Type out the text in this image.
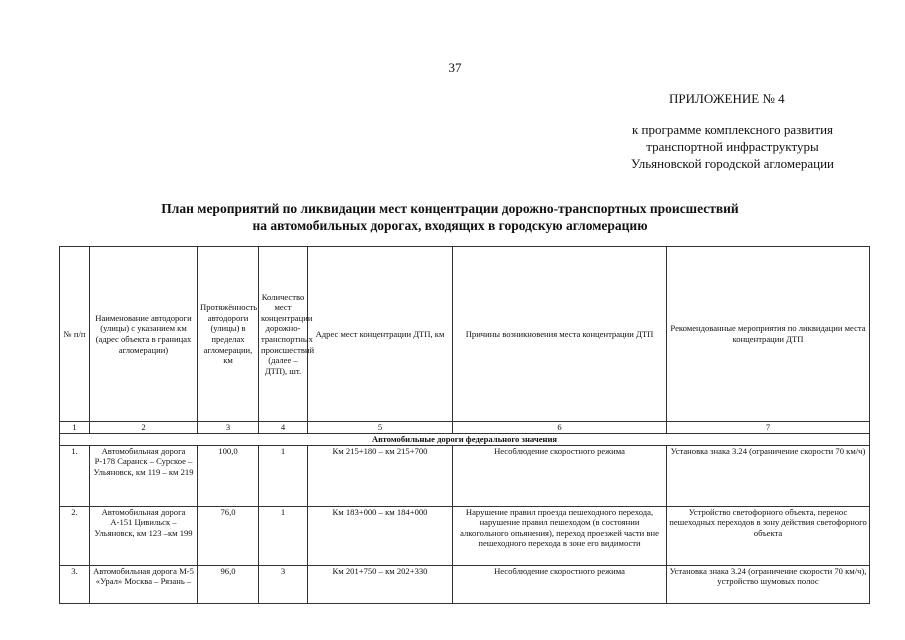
37
ПРИЛОЖЕНИЕ № 4
к программе комплексного развития
транспортной инфраструктуры
Ульяновской городской агломерации
План мероприятий по ликвидации мест концентрации дорожно-транспортных происшествий
на автомобильных дорогах, входящих в городскую агломерацию
№ п/п	Наименование автодороги (улицы) с указанием км (адрес объекта в границах агломерации)	Протяжённость автодороги (улицы) в пределах агломерации, км	Количество мест концентрации дорожно-транспортных происшествий (далее – ДТП), шт.	Адрес мест концентрации ДТП, км	Причины возникновения места концентрации ДТП	Рекомендованные мероприятия по ликвидации места концентрации ДТП
1	2	3	4	5	6	7
Автомобильные дороги федерального значения						
1.	Автомобильная дорога Р-178 Саранск – Сурское – Ульяновск, км 119 – км 219	100,0	1	Км 215+180 – км 215+700	Несоблюдение скоростного режима	Установка знака 3.24 (ограничение скорости 70 км/ч)
2.	Автомобильная дорога А-151 Цивильск – Ульяновск, км 123 –км 199	76,0	1	Км 183+000 – км 184+000	Нарушение правил проезда пешеходного перехода, нарушение правил пешеходом (в состоянии алкогольного опьянения), переход проезжей части вне пешеходного перехода в зоне его видимости	Устройство светофорного объекта, перенос пешеходных переходов в зону действия светофорного объекта
3.	Автомобильная дорога М-5 «Урал» Москва – Рязань –	96,0	3	Км 201+750 – км 202+330	Несоблюдение скоростного режима	Установка знака 3.24 (ограничение скорости 70 км/ч), устройство шумовых полос
